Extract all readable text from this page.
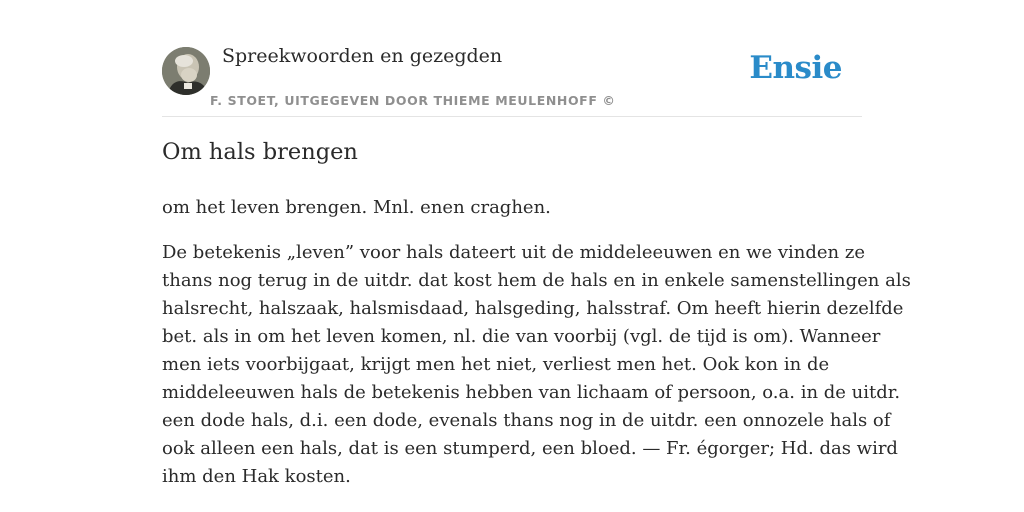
Spreekwoorden en gezegden
F. STOET, UITGEGEVEN DOOR THIEME MEULENHOFF ©
Ensie
Om hals brengen

om het leven brengen. Mnl. enen craghen.

De betekenis „leven” voor hals dateert uit de middeleeuwen en we vinden ze
thans nog terug in de uitdr. dat kost hem de hals en in enkele samenstellingen als
halsrecht, halszaak, halsmisdaad, halsgeding, halsstraf. Om heeft hierin dezelfde
bet. als in om het leven komen, nl. die van voorbij (vgl. de tijd is om). Wanneer
men iets voorbijgaat, krijgt men het niet, verliest men het. Ook kon in de
middeleeuwen hals de betekenis hebben van lichaam of persoon, o.a. in de uitdr.
een dode hals, d.i. een dode, evenals thans nog in de uitdr. een onnozele hals of
ook alleen een hals, dat is een stumperd, een bloed. — Fr. égorger; Hd. das wird
ihm den Hak kosten.
